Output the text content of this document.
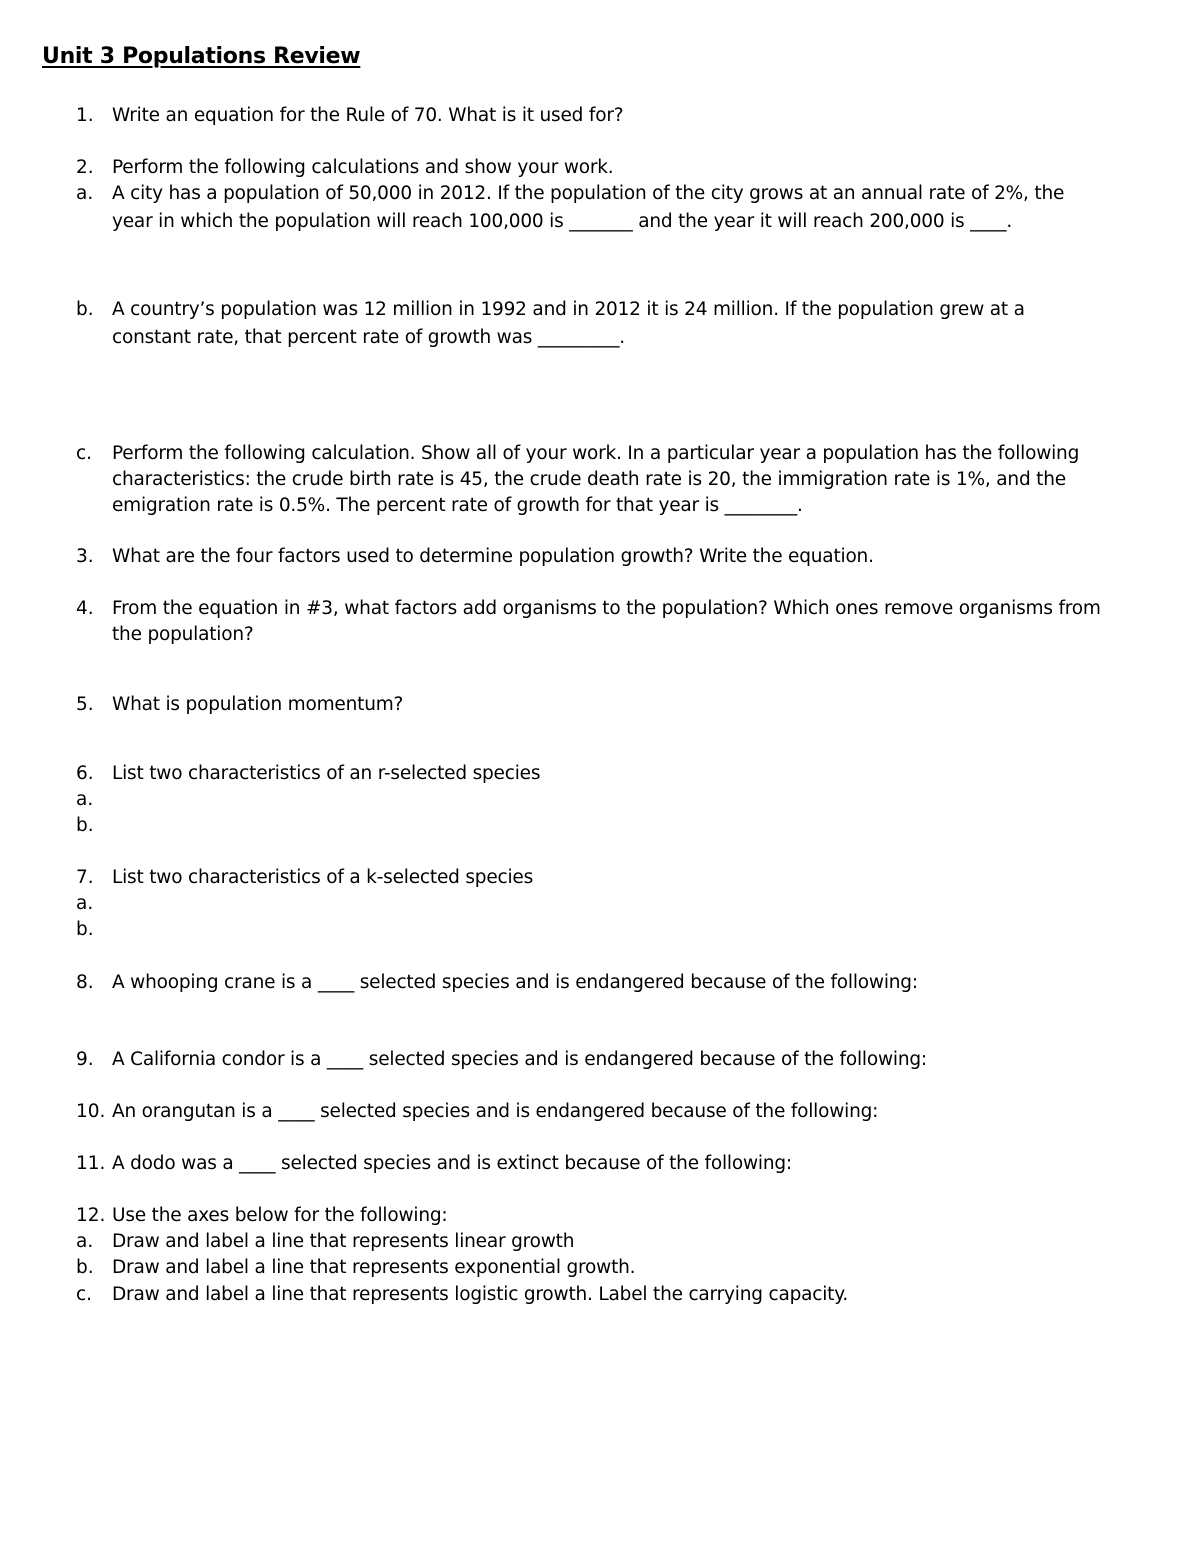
Unit 3 Populations Review
1. Write an equation for the Rule of 70. What is it used for?
2. Perform the following calculations and show your work.
a.	A city has a population of 50,000 in 2012. If the population of the city grows at an annual rate of 2%, the
year in which the population will reach 100,000 is _______ and the year it will reach 200,000 is ____.
b. A country’s population was 12 million in 1992 and in 2012 it is 24 million. If the population grew at a
constant rate, that percent rate of growth was _________.
c.	Perform the following calculation. Show all of your work. In a particular year a population has the following
characteristics: the crude birth rate is 45, the crude death rate is 20, the immigration rate is 1%, and the
emigration rate is 0.5%. The percent rate of growth for that year is ________.
3. What are the four factors used to determine population growth? Write the equation.
4. From the equation in #3, what factors add organisms to the population? Which ones remove organisms from
the population?
5. What is population momentum?
6. List two characteristics of an r-selected species
a.
b.
7. List two characteristics of a k-selected species
a.
b.
8. A whooping crane is a ____ selected species and is endangered because of the following:
9. A California condor is a ____ selected species and is endangered because of the following:
10. An orangutan is a ____ selected species and is endangered because of the following:
11. A dodo was a ____ selected species and is extinct because of the following:
12. Use the axes below for the following:
a.	Draw and label a line that represents linear growth
b. Draw and label a line that represents exponential growth.
c.	Draw and label a line that represents logistic growth. Label the carrying capacity.
